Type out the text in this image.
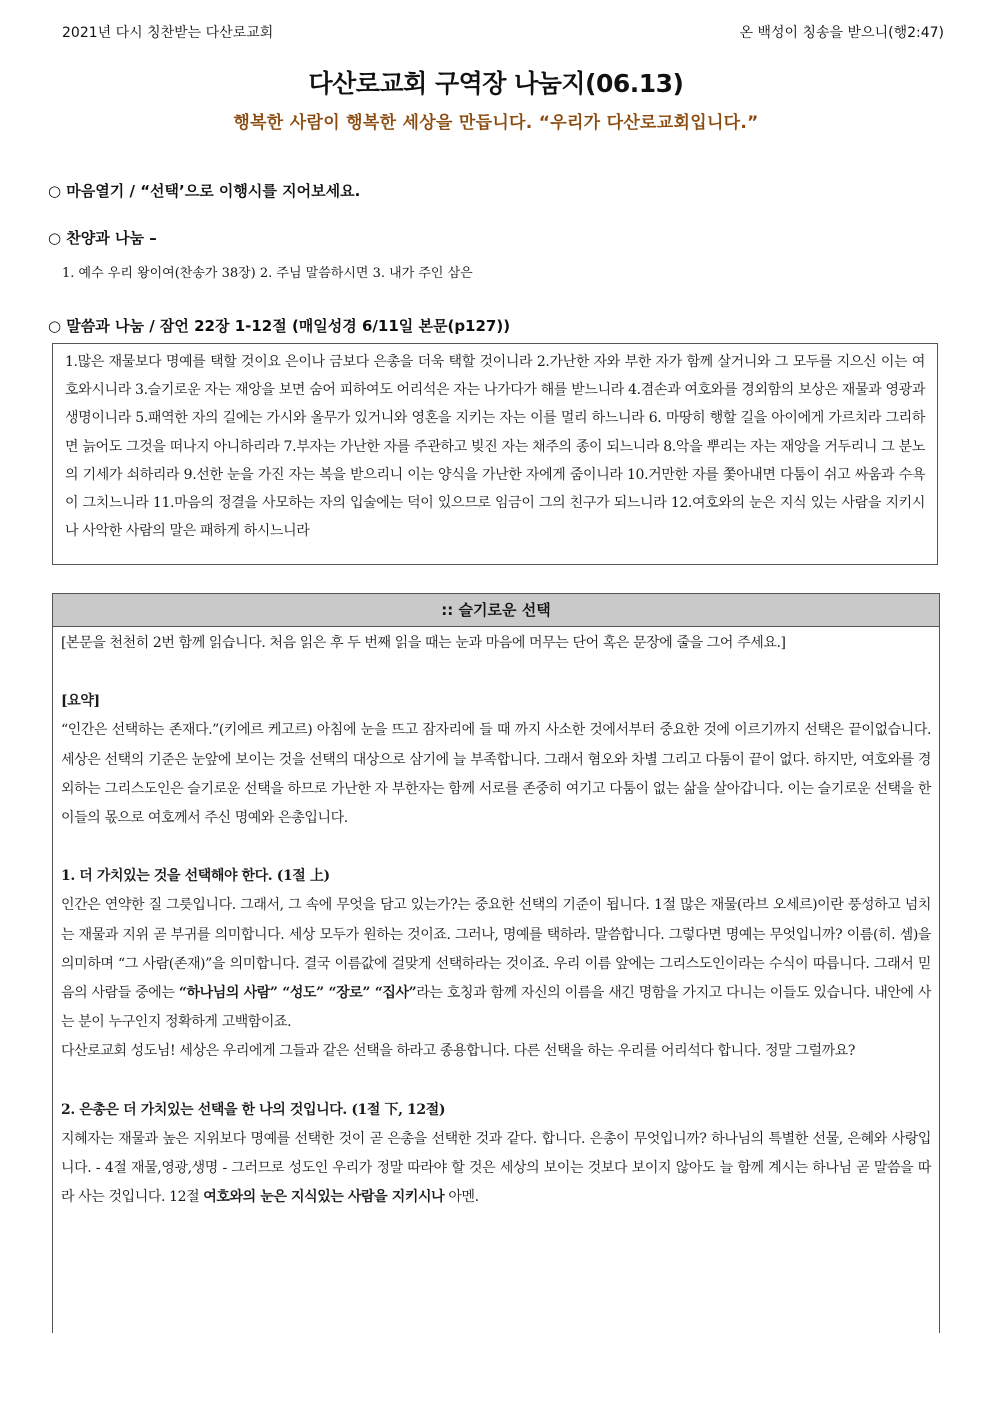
2021년 다시 칭찬받는 다산로교회	온 백성이 칭송을 받으니(행2:47)
다산로교회 구역장 나눔지(06.13)
행복한 사람이 행복한 세상을 만듭니다. “우리가 다산로교회입니다.”
○ 마음열기 / “선택’으로 이행시를 지어보세요.
○ 찬양과 나눔 –
1. 예수 우리 왕이여(찬송가 38장) 2. 주님 말씀하시면 3. 내가 주인 삼은
○ 말씀과 나눔 / 잠언 22장 1-12절 (매일성경 6/11일 본문(p127))
1.많은 재물보다 명예를 택할 것이요 은이나 금보다 은총을 더욱 택할 것이니라 2.가난한 자와 부한 자가 함께 살거니와 그 모두를 지으신 이는 여호와시니라 3.슬기로운 자는 재앙을 보면 숨어 피하여도 어리석은 자는 나가다가 해를 받느니라 4.겸손과 여호와를 경외함의 보상은 재물과 영광과 생명이니라 5.패역한 자의 길에는 가시와 올무가 있거니와 영혼을 지키는 자는 이를 멀리 하느니라 6. 마땅히 행할 길을 아이에게 가르치라 그리하면 늙어도 그것을 떠나지 아니하리라 7.부자는 가난한 자를 주관하고 빚진 자는 채주의 종이 되느니라 8.악을 뿌리는 자는 재앙을 거두리니 그 분노의 기세가 쇠하리라 9.선한 눈을 가진 자는 복을 받으리니 이는 양식을 가난한 자에게 줌이니라 10.거만한 자를 쫓아내면 다툼이 쉬고 싸움과 수욕이 그치느니라 11.마음의 정결을 사모하는 자의 입술에는 덕이 있으므로 임금이 그의 친구가 되느니라 12.여호와의 눈은 지식 있는 사람을 지키시나 사악한 사람의 말은 패하게 하시느니라
:: 슬기로운 선택

[본문을 천천히 2번 함께 읽습니다. 처음 읽은 후 두 번째 읽을 때는 눈과 마음에 머무는 단어 혹은 문장에 줄을 그어 주세요.]

[요약]

“인간은 선택하는 존재다.”(키에르 케고르) 아침에 눈을 뜨고 잠자리에 들 때 까지 사소한 것에서부터 중요한 것에 이르기까지 선택은 끝이없습니다. 세상은 선택의 기준은 눈앞에 보이는 것을 선택의 대상으로 삼기에 늘 부족합니다. 그래서 혐오와 차별 그리고 다툼이 끝이 없다. 하지만, 여호와를 경외하는 그리스도인은 슬기로운 선택을 하므로 가난한 자 부한자는 함께 서로를 존중히 여기고 다툼이 없는 삶을 살아갑니다. 이는 슬기로운 선택을 한 이들의 몫으로 여호께서 주신 명예와 은총입니다.

1. 더 가치있는 것을 선택해야 한다. (1절 上)

인간은 연약한 질 그릇입니다. 그래서, 그 속에 무엇을 담고 있는가?는 중요한 선택의 기준이 됩니다. 1절 많은 재물(라브 오세르)이란 풍성하고 넘치는 재물과 지위 곧 부귀를 의미합니다. 세상 모두가 원하는 것이죠. 그러나, 명예를 택하라. 말씀합니다. 그렇다면 명예는 무엇입니까? 이름(히. 셈)을 의미하며 “그 사람(존재)”을 의미합니다. 결국 이름값에 걸맞게 선택하라는 것이죠. 우리 이름 앞에는 그리스도인이라는 수식이 따릅니다. 그래서 믿음의 사람들 중에는 “하나님의 사람” “성도” “장로” “집사”라는 호칭과 함께 자신의 이름을 새긴 명함을 가지고 다니는 이들도 있습니다. 내안에 사는 분이 누구인지 정확하게 고백함이죠.

다산로교회 성도님! 세상은 우리에게 그들과 같은 선택을 하라고 종용합니다. 다른 선택을 하는 우리를 어리석다 합니다. 정말 그럴까요?

2. 은총은 더 가치있는 선택을 한 나의 것입니다. (1절 下, 12절)

지혜자는 재물과 높은 지위보다 명예를 선택한 것이 곧 은총을 선택한 것과 같다. 합니다. 은총이 무엇입니까? 하나님의 특별한 선물, 은혜와 사랑입니다. - 4절 재물,영광,생명 - 그러므로 성도인 우리가 정말 따라야 할 것은 세상의 보이는 것보다 보이지 않아도 늘 함께 계시는 하나님 곧 말씀을 따라 사는 것입니다. 12절 여호와의 눈은 지식있는 사람을 지키시나 아멘.
